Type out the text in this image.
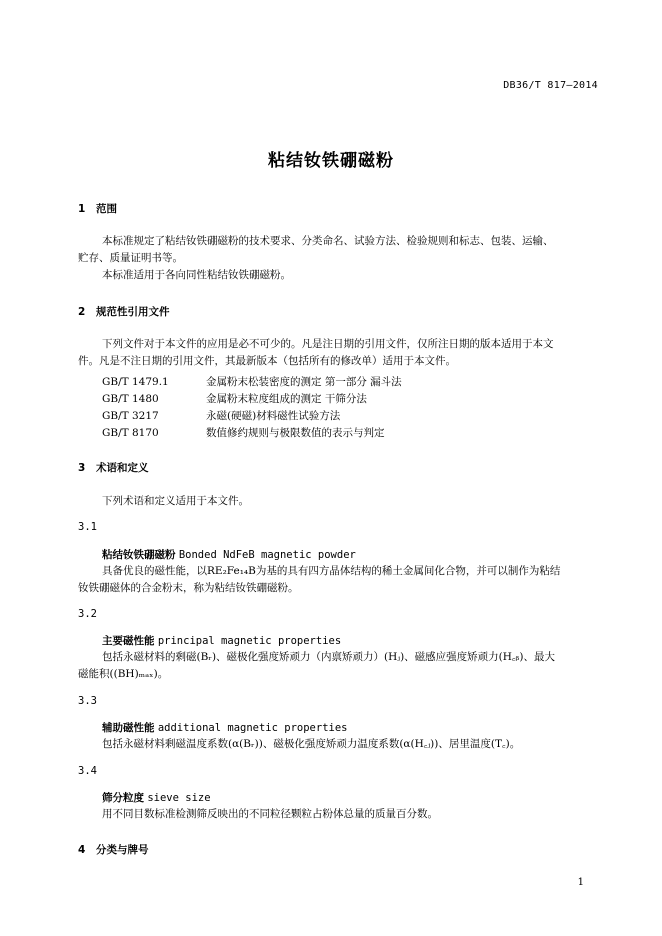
DB36/T 817—2014
粘结钕铁硼磁粉
1 范围
本标准规定了粘结钕铁硼磁粉的技术要求、分类命名、试验方法、检验规则和标志、包装、运输、
贮存、质量证明书等。
本标准适用于各向同性粘结钕铁硼磁粉。
2 规范性引用文件
下列文件对于本文件的应用是必不可少的。凡是注日期的引用文件，仅所注日期的版本适用于本文
件。凡是不注日期的引用文件，其最新版本（包括所有的修改单）适用于本文件。
GB/T 1479.1	金属粉末松装密度的测定 第一部分 漏斗法
GB/T 1480	金属粉末粒度组成的测定 干筛分法
GB/T 3217	永磁(硬磁)材料磁性试验方法
GB/T 8170	数值修约规则与极限数值的表示与判定
3 术语和定义
下列术语和定义适用于本文件。
3.1
粘结钕铁硼磁粉 Bonded NdFeB magnetic powder
具备优良的磁性能，以RE₂Fe₁₄B为基的具有四方晶体结构的稀土金属间化合物，并可以制作为粘结
钕铁硼磁体的合金粉末，称为粘结钕铁硼磁粉。
3.2
主要磁性能 principal magnetic properties
包括永磁材料的剩磁(Bᵣ)、磁极化强度矫顽力（内禀矫顽力）(Hⱼ)、磁感应强度矫顽力(H꜀ᵦ)、最大
磁能积((BH)ₘₐₓ)。
3.3
辅助磁性能 additional magnetic properties
包括永磁材料剩磁温度系数(α(Bᵣ))、磁极化强度矫顽力温度系数(α(H꜀ⱼ))、居里温度(T꜀)。
3.4
筛分粒度 sieve size
用不同目数标准检测筛反映出的不同粒径颗粒占粉体总量的质量百分数。
4 分类与牌号
1
